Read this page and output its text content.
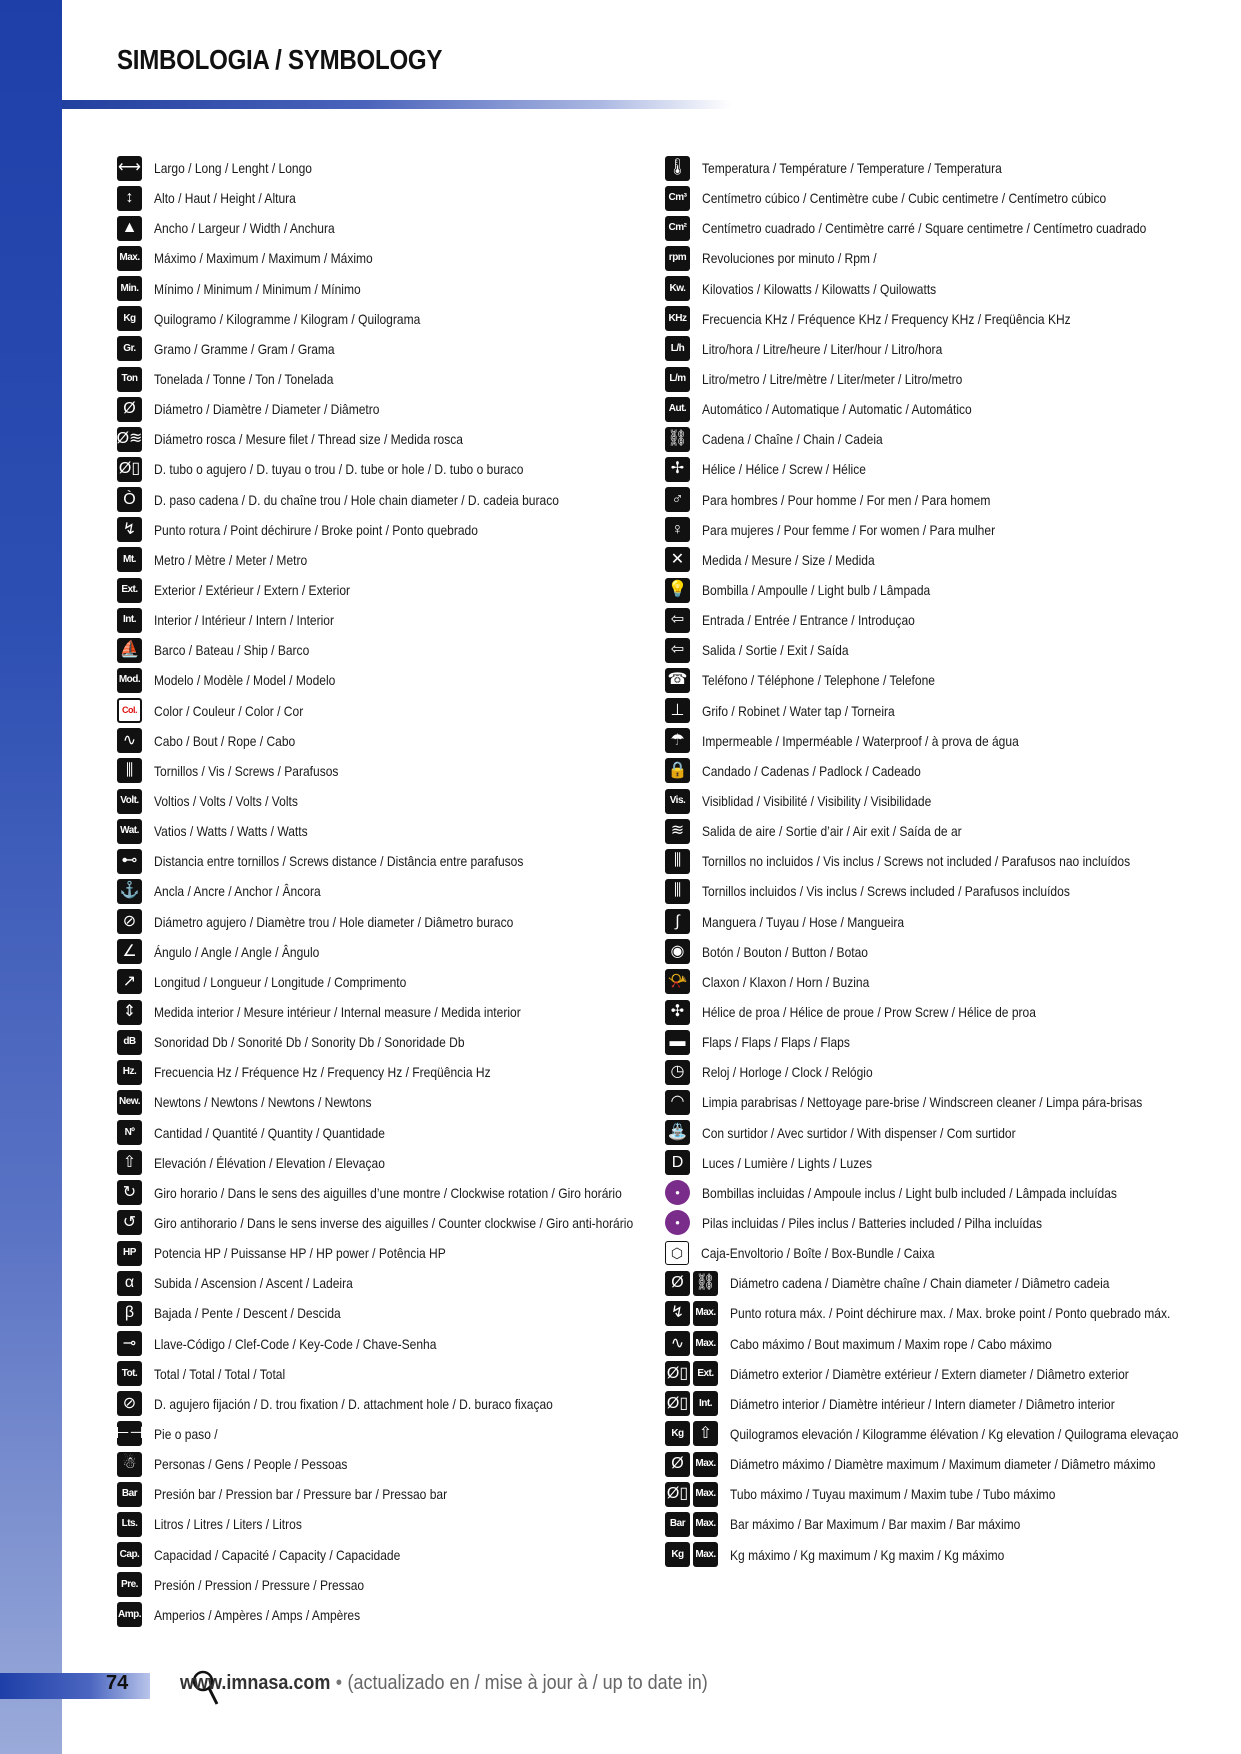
SIMBOLOGIA / SYMBOLOGY
⟷ Largo / Long / Lenght / Longo
↕	Alto / Haut / Height / Altura
▲	Ancho / Largeur / Width / Anchura
Max. Máximo / Maximum / Maximum / Máximo
Min. Mínimo / Minimum / Minimum / Mínimo
Kg	Quilogramo / Kilogramme / Kilogram / Quilograma
Gr.	Gramo / Gramme / Gram / Grama
Ton	Tonelada / Tonne / Ton / Tonelada
Ø	Diámetro / Diamètre / Diameter / Diâmetro
Ø≋ Diámetro rosca / Mesure filet / Thread size / Medida rosca
Ø▯ D. tubo o agujero / D. tuyau o trou / D. tube or hole / D. tubo o buraco
Ò	D. paso cadena / D. du chaîne trou / Hole chain diameter / D. cadeia buraco
↯	Punto rotura / Point déchirure / Broke point / Ponto quebrado
Mt.	Metro / Mètre / Meter / Metro
Ext.	Exterior / Extérieur / Extern / Exterior
Int.	Interior / Intérieur / Intern / Interior
⛵ Barco / Bateau / Ship / Barco
Mod. Modelo / Modèle / Model / Modelo
Col. Color / Couleur / Color / Cor
∿	Cabo / Bout / Rope / Cabo
⫼	Tornillos / Vis / Screws / Parafusos
Volt. Voltios / Volts / Volts / Volts
Wat. Vatios / Watts / Watts / Watts
⊷	Distancia entre tornillos / Screws distance / Distância entre parafusos
⚓ Ancla / Ancre / Anchor / Âncora
⊘	Diámetro agujero / Diamètre trou / Hole diameter / Diâmetro buraco
∠	Ángulo / Angle / Angle / Ângulo
↗	Longitud / Longueur / Longitude / Comprimento
⇕	Medida interior / Mesure intérieur / Internal measure / Medida interior
dB	Sonoridad Db / Sonorité Db / Sonority Db / Sonoridade Db
Hz.	Frecuencia Hz / Fréquence Hz / Frequency Hz / Freqüência Hz
New. Newtons / Newtons / Newtons / Newtons
Nº	Cantidad / Quantité / Quantity / Quantidade
⇧	Elevación / Élévation / Elevation / Elevaçao
↻	Giro horario / Dans le sens des aiguilles d’une montre / Clockwise rotation / Giro horário
↺	Giro antihorario / Dans le sens inverse des aiguilles / Counter clockwise / Giro anti-horário
HP	Potencia HP / Puissanse HP / HP power / Potência HP
α	Subida / Ascension / Ascent / Ladeira
β	Bajada / Pente / Descent / Descida
⊸	Llave-Código / Clef-Code / Key-Code / Chave-Senha
Tot.	Total / Total / Total / Total
⊘	D. agujero fijación / D. trou fixation / D. attachment hole / D. buraco fixaçao
⊢⊣ Pie o paso /
☃	Personas / Gens / People / Pessoas
Bar	Presión bar / Pression bar / Pressure bar / Pressao bar
Lts.	Litros / Litres / Liters / Litros
Cap. Capacidad / Capacité / Capacity / Capacidade
Pre. Presión / Pression / Pressure / Pressao
Amp. Amperios / Ampères / Amps / Ampères
🌡 Temperatura / Température / Temperature / Temperatura
Cm³ Centímetro cúbico / Centimètre cube / Cubic centimetre / Centímetro cúbico
Cm² Centímetro cuadrado / Centimètre carré / Square centimetre / Centímetro cuadrado
rpm Revoluciones por minuto / Rpm /
Kw.	Kilovatios / Kilowatts / Kilowatts / Quilowatts
KHz Frecuencia KHz / Fréquence KHz / Frequency KHz / Freqüência KHz
L/h	Litro/hora / Litre/heure / Liter/hour / Litro/hora
L/m	Litro/metro / Litre/mètre / Liter/meter / Litro/metro
Aut. Automático / Automatique / Automatic / Automático
⛓ Cadena / Chaîne / Chain / Cadeia
✢	Hélice / Hélice / Screw / Hélice
♂	Para hombres / Pour homme / For men / Para homem
♀	Para mujeres / Pour femme / For women / Para mulher
✕	Medida / Mesure / Size / Medida
💡 Bombilla / Ampoulle / Light bulb / Lâmpada
⇦	Entrada / Entrée / Entrance / Introduçao
⇦	Salida / Sortie / Exit / Saída
☎ Teléfono / Téléphone / Telephone / Telefone
⊥	Grifo / Robinet / Water tap / Torneira
☂	Impermeable / Imperméable / Waterproof / à prova de água
🔒 Candado / Cadenas / Padlock / Cadeado
Vis.	Visiblidad / Visibilité / Visibility / Visibilidade
≋	Salida de aire / Sortie d’air / Air exit / Saída de ar
⫼	Tornillos no incluidos / Vis inclus / Screws not included / Parafusos nao incluídos
⫼	Tornillos incluidos / Vis inclus / Screws included / Parafusos incluídos
∫	Manguera / Tuyau / Hose / Mangueira
◉	Botón / Bouton / Button / Botao
📯 Claxon / Klaxon / Horn / Buzina
✣	Hélice de proa / Hélice de proue / Prow Screw / Hélice de proa
▬	Flaps / Flaps / Flaps / Flaps
◷	Reloj / Horloge / Clock / Relógio
◠	Limpia parabrisas / Nettoyage pare-brise / Windscreen cleaner / Limpa pára-brisas
⛲ Con surtidor / Avec surtidor / With dispenser / Com surtidor
D	Luces / Lumière / Lights / Luzes
●	Bombillas incluidas / Ampoule inclus / Light bulb included / Lâmpada incluídas
●	Pilas incluidas / Piles inclus / Batteries included / Pilha incluídas
⬡	Caja-Envoltorio / Boîte / Box-Bundle / Caixa
Ø ⛓ Diámetro cadena / Diamètre chaîne / Chain diameter / Diâmetro cadeia
↯	Max. Punto rotura máx. / Point déchirure max. / Max. broke point / Ponto quebrado máx.
∿	Max. Cabo máximo / Bout maximum / Maxim rope / Cabo máximo
Ø▯ Ext.	Diámetro exterior / Diamètre extérieur / Extern diameter / Diâmetro exterior
Ø▯	Int.	Diámetro interior / Diamètre intérieur / Intern diameter / Diâmetro interior
Kg ⇧	Quilogramos elevación / Kilogramme élévation / Kg elevation / Quilograma elevaçao
Ø	Max. Diámetro máximo / Diamètre maximum / Maximum diameter / Diâmetro máximo
Ø▯ Max. Tubo máximo / Tuyau maximum / Maxim tube / Tubo máximo
Bar	Max. Bar máximo / Bar Maximum / Bar maxim / Bar máximo
Kg	Max. Kg máximo / Kg maximum / Kg maxim / Kg máximo
74	www.imnasa.com • (actualizado en / mise à jour à / up to date in)
